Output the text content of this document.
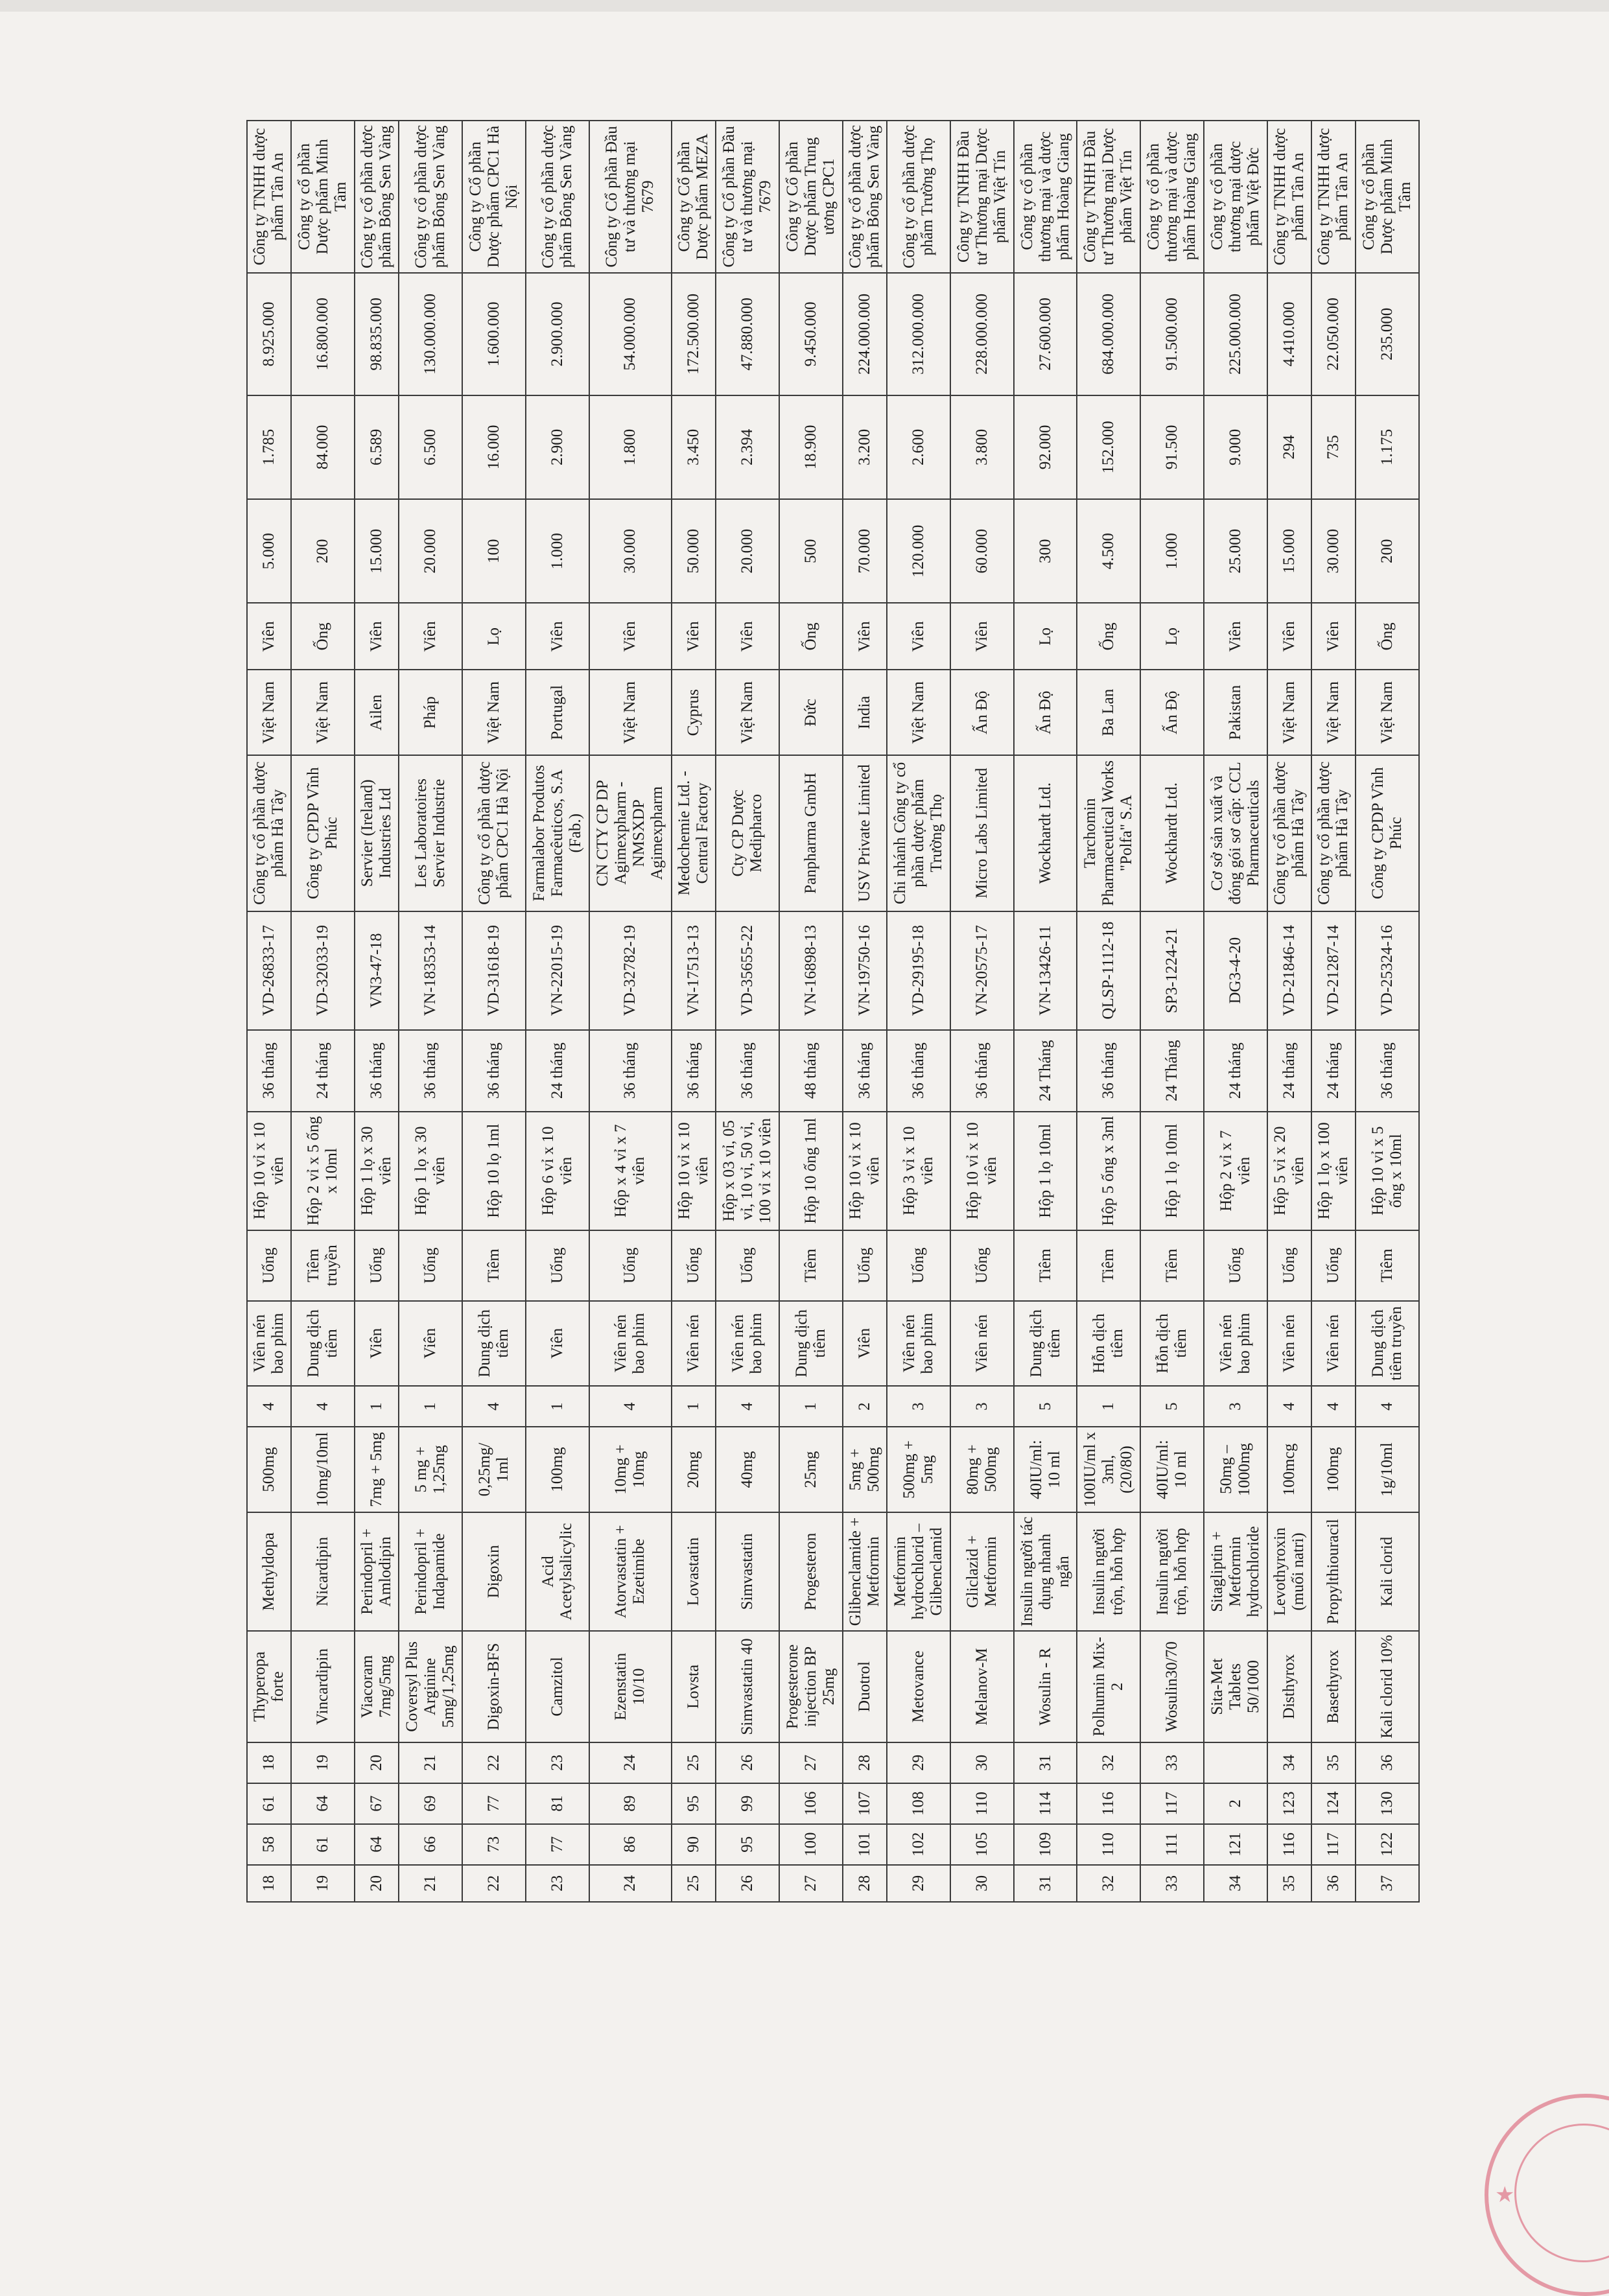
18	58	61	18	Thyperopa forte	Methyldopa	500mg	4	Viên nén bao phim	Uống	Hộp 10 vỉ x 10 viên	36 tháng	VD-26833-17	Công ty cổ phần dược phẩm Hà Tây	Việt Nam	Viên	5.000	1.785	8.925.000	Công ty TNHH dược phẩm Tân An
19	61	64	19	Vincardipin	Nicardipin	10mg/10ml	4	Dung dịch tiêm	Tiêm truyền	Hộp 2 vỉ x 5 ống x 10ml	24 tháng	VD-32033-19	Công ty CPDP Vĩnh Phúc	Việt Nam	Ống	200	84.000	16.800.000	Công ty cổ phần Dược phẩm Minh Tâm
20	64	67	20	Viacoram 7mg/5mg	Perindopril + Amlodipin	7mg + 5mg	1	Viên	Uống	Hộp 1 lọ x 30 viên	36 tháng	VN3-47-18	Servier (Ireland) Industries Ltd	Ailen	Viên	15.000	6.589	98.835.000	Công ty cổ phần dược phẩm Bông Sen Vàng
21	66	69	21	Coversyl Plus Arginine 5mg/1,25mg	Perindopril + Indapamide	5 mg + 1,25mg	1	Viên	Uống	Hộp 1 lọ x 30 viên	36 tháng	VN-18353-14	Les Laboratoires Servier Industrie	Pháp	Viên	20.000	6.500	130.000.000	Công ty cổ phần dược phẩm Bông Sen Vàng
22	73	77	22	Digoxin-BFS	Digoxin	0,25mg/ 1ml	4	Dung dịch tiêm	Tiêm	Hộp 10 lọ 1ml	36 tháng	VD-31618-19	Công ty cổ phần dược phẩm CPC1 Hà Nội	Việt Nam	Lọ	100	16.000	1.600.000	Công ty Cổ phần Dược phẩm CPC1 Hà Nội
23	77	81	23	Camzitol	Acid Acetylsalicylic	100mg	1	Viên	Uống	Hộp 6 vỉ x 10 viên	24 tháng	VN-22015-19	Farmalabor Produtos Farmacêuticos, S.A (Fab.)	Portugal	Viên	1.000	2.900	2.900.000	Công ty cổ phần dược phẩm Bông Sen Vàng
24	86	89	24	Ezenstatin 10/10	Atorvastatin + Ezetimibe	10mg + 10mg	4	Viên nén bao phim	Uống	Hộp x 4 vỉ x 7 viên	36 tháng	VD-32782-19	CN CTY CP DP Agimexpharm - NMSXDP Agimexpharm	Việt Nam	Viên	30.000	1.800	54.000.000	Công ty Cổ phần Đầu tư và thương mại 7679
25	90	95	25	Lovsta	Lovastatin	20mg	1	Viên nén	Uống	Hộp 10 vỉ x 10 viên	36 tháng	VN-17513-13	Medochemie Ltd. - Central Factory	Cyprus	Viên	50.000	3.450	172.500.000	Công ty Cổ phần Dược phẩm MEZA
26	95	99	26	Simvastatin 40	Simvastatin	40mg	4	Viên nén bao phim	Uống	Hộp x 03 vỉ, 05 vỉ, 10 vỉ, 50 vỉ, 100 vỉ x 10 viên	36 tháng	VD-35655-22	Cty CP Dược Medipharco	Việt Nam	Viên	20.000	2.394	47.880.000	Công ty Cổ phần Đầu tư và thương mại 7679
27	100	106	27	Progesterone injection BP 25mg	Progesteron	25mg	1	Dung dịch tiêm	Tiêm	Hộp 10 ống 1ml	48 tháng	VN-16898-13	Panpharma GmbH	Đức	Ống	500	18.900	9.450.000	Công ty Cổ phần Dược phẩm Trung ương CPC1
28	101	107	28	Duotrol	Glibenclamide + Metformin	5mg + 500mg	2	Viên	Uống	Hộp 10 vỉ x 10 viên	36 tháng	VN-19750-16	USV Private Limited	India	Viên	70.000	3.200	224.000.000	Công ty cổ phần dược phẩm Bông Sen Vàng
29	102	108	29	Metovance	Metformin hydrochlorid – Glibenclamid	500mg + 5mg	3	Viên nén bao phim	Uống	Hộp 3 vỉ x 10 viên	36 tháng	VD-29195-18	Chi nhánh Công ty cổ phần dược phẩm Trường Thọ	Việt Nam	Viên	120.000	2.600	312.000.000	Công ty cổ phần dược phẩm Trường Thọ
30	105	110	30	Melanov-M	Gliclazid + Metformin	80mg + 500mg	3	Viên nén	Uống	Hộp 10 vỉ x 10 viên	36 tháng	VN-20575-17	Micro Labs Limited	Ấn Độ	Viên	60.000	3.800	228.000.000	Công ty TNHH Đầu tư Thương mại Dược phẩm Việt Tín
31	109	114	31	Wosulin - R	Insulin người tác dụng nhanh ngắn	40IU/ml: 10 ml	5	Dung dịch tiêm	Tiêm	Hộp 1 lọ 10ml	24 Tháng	VN-13426-11	Wockhardt Ltd.	Ấn Độ	Lọ	300	92.000	27.600.000	Công ty cổ phần thương mại và dược phẩm Hoàng Giang
32	110	116	32	Polhumin Mix-2	Insulin người trộn, hỗn hợp	100IU/ml x 3ml, (20/80)	1	Hỗn dịch tiêm	Tiêm	Hộp 5 ống x 3ml	36 tháng	QLSP-1112-18	Tarchomin Pharmaceutical Works "Polfa" S.A	Ba Lan	Ống	4.500	152.000	684.000.000	Công ty TNHH Đầu tư Thương mại Dược phẩm Việt Tín
33	111	117	33	Wosulin30/70	Insulin người trộn, hỗn hợp	40IU/ml: 10 ml	5	Hỗn dịch tiêm	Tiêm	Hộp 1 lọ 10ml	24 Tháng	SP3-1224-21	Wockhardt Ltd.	Ấn Độ	Lọ	1.000	91.500	91.500.000	Công ty cổ phần thương mại và dược phẩm Hoàng Giang
34	121	2		Sita-Met Tablets 50/1000	Sitagliptin + Metformin hydrochloride	50mg – 1000mg	3	Viên nén bao phim	Uống	Hộp 2 vỉ x 7 viên	24 tháng	DG3-4-20	Cơ sở sản xuất và đóng gói sơ cấp: CCL Pharmaceuticals	Pakistan	Viên	25.000	9.000	225.000.000	Công ty cổ phần thương mại dược phẩm Việt Đức
35	116	123	34	Disthyrox	Levothyroxin (muối natri)	100mcg	4	Viên nén	Uống	Hộp 5 vỉ x 20 viên	24 tháng	VD-21846-14	Công ty cổ phần dược phẩm Hà Tây	Việt Nam	Viên	15.000	294	4.410.000	Công ty TNHH dược phẩm Tân An
36	117	124	35	Basethyrox	Propylthiouracil	100mg	4	Viên nén	Uống	Hộp 1 lọ x 100 viên	24 tháng	VD-21287-14	Công ty cổ phần dược phẩm Hà Tây	Việt Nam	Viên	30.000	735	22.050.000	Công ty TNHH dược phẩm Tân An
37	122	130	36	Kali clorid 10%	Kali clorid	1g/10ml	4	Dung dịch tiêm truyền	Tiêm	Hộp 10 vỉ x 5 ống x 10ml	36 tháng	VD-25324-16	Công ty CPDP Vĩnh Phúc	Việt Nam	Ống	200	1.175	235.000	Công ty cổ phần Dược phẩm Minh Tâm
★
